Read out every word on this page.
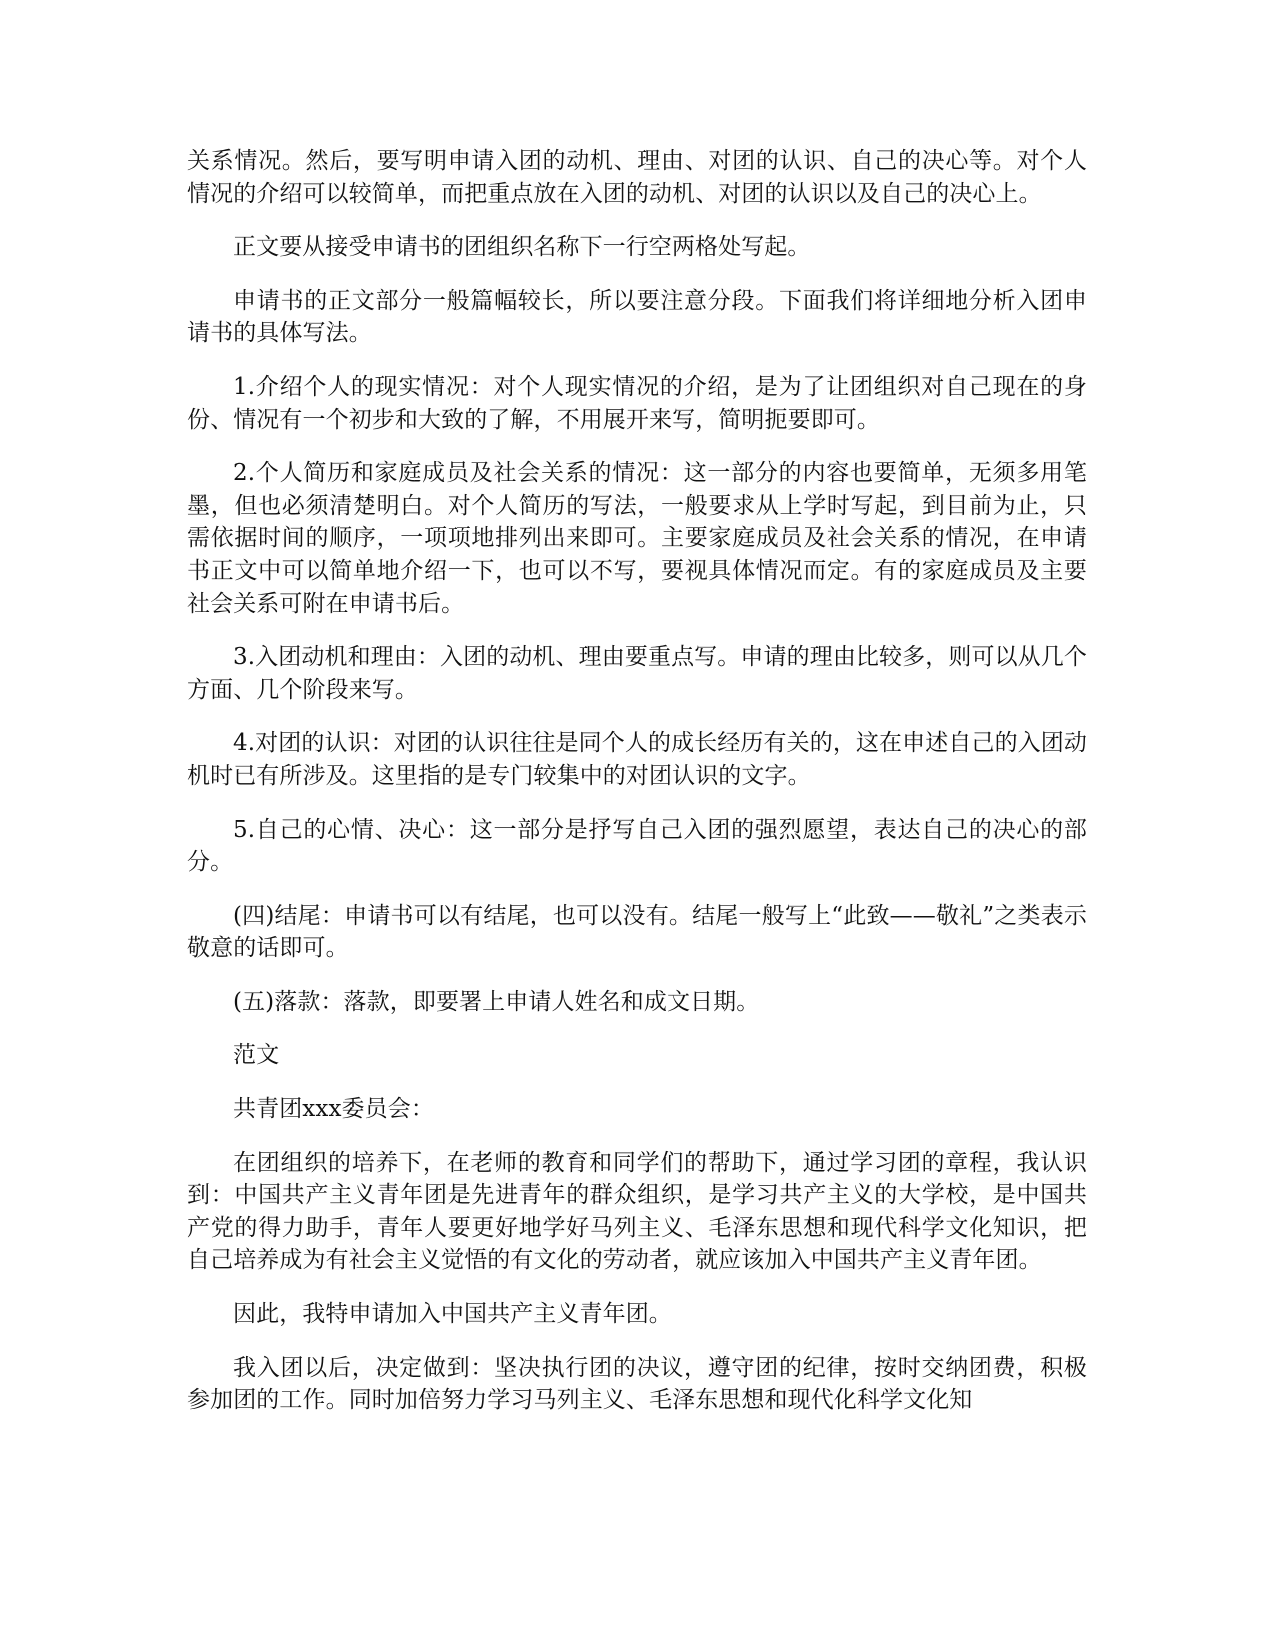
关系情况。然后，要写明申请入团的动机、理由、对团的认识、自己的决心等。对个人情况的介绍可以较简单，而把重点放在入团的动机、对团的认识以及自己的决心上。

正文要从接受申请书的团组织名称下一行空两格处写起。

申请书的正文部分一般篇幅较长，所以要注意分段。下面我们将详细地分析入团申请书的具体写法。

1.介绍个人的现实情况：对个人现实情况的介绍，是为了让团组织对自己现在的身份、情况有一个初步和大致的了解，不用展开来写，简明扼要即可。

2.个人简历和家庭成员及社会关系的情况：这一部分的内容也要简单，无须多用笔墨，但也必须清楚明白。对个人简历的写法，一般要求从上学时写起，到目前为止，只需依据时间的顺序，一项项地排列出来即可。主要家庭成员及社会关系的情况，在申请书正文中可以简单地介绍一下，也可以不写，要视具体情况而定。有的家庭成员及主要社会关系可附在申请书后。

3.入团动机和理由：入团的动机、理由要重点写。申请的理由比较多，则可以从几个方面、几个阶段来写。

4.对团的认识：对团的认识往往是同个人的成长经历有关的，这在申述自己的入团动机时已有所涉及。这里指的是专门较集中的对团认识的文字。

5.自己的心情、决心：这一部分是抒写自己入团的强烈愿望，表达自己的决心的部分。

(四)结尾：申请书可以有结尾，也可以没有。结尾一般写上“此致——敬礼”之类表示敬意的话即可。

(五)落款：落款，即要署上申请人姓名和成文日期。

范文

共青团xxx委员会：

在团组织的培养下，在老师的教育和同学们的帮助下，通过学习团的章程，我认识到：中国共产主义青年团是先进青年的群众组织，是学习共产主义的大学校，是中国共产党的得力助手，青年人要更好地学好马列主义、毛泽东思想和现代科学文化知识，把自己培养成为有社会主义觉悟的有文化的劳动者，就应该加入中国共产主义青年团。

因此，我特申请加入中国共产主义青年团。

我入团以后，决定做到：坚决执行团的决议，遵守团的纪律，按时交纳团费，积极参加团的工作。同时加倍努力学习马列主义、毛泽东思想和现代化科学文化知
